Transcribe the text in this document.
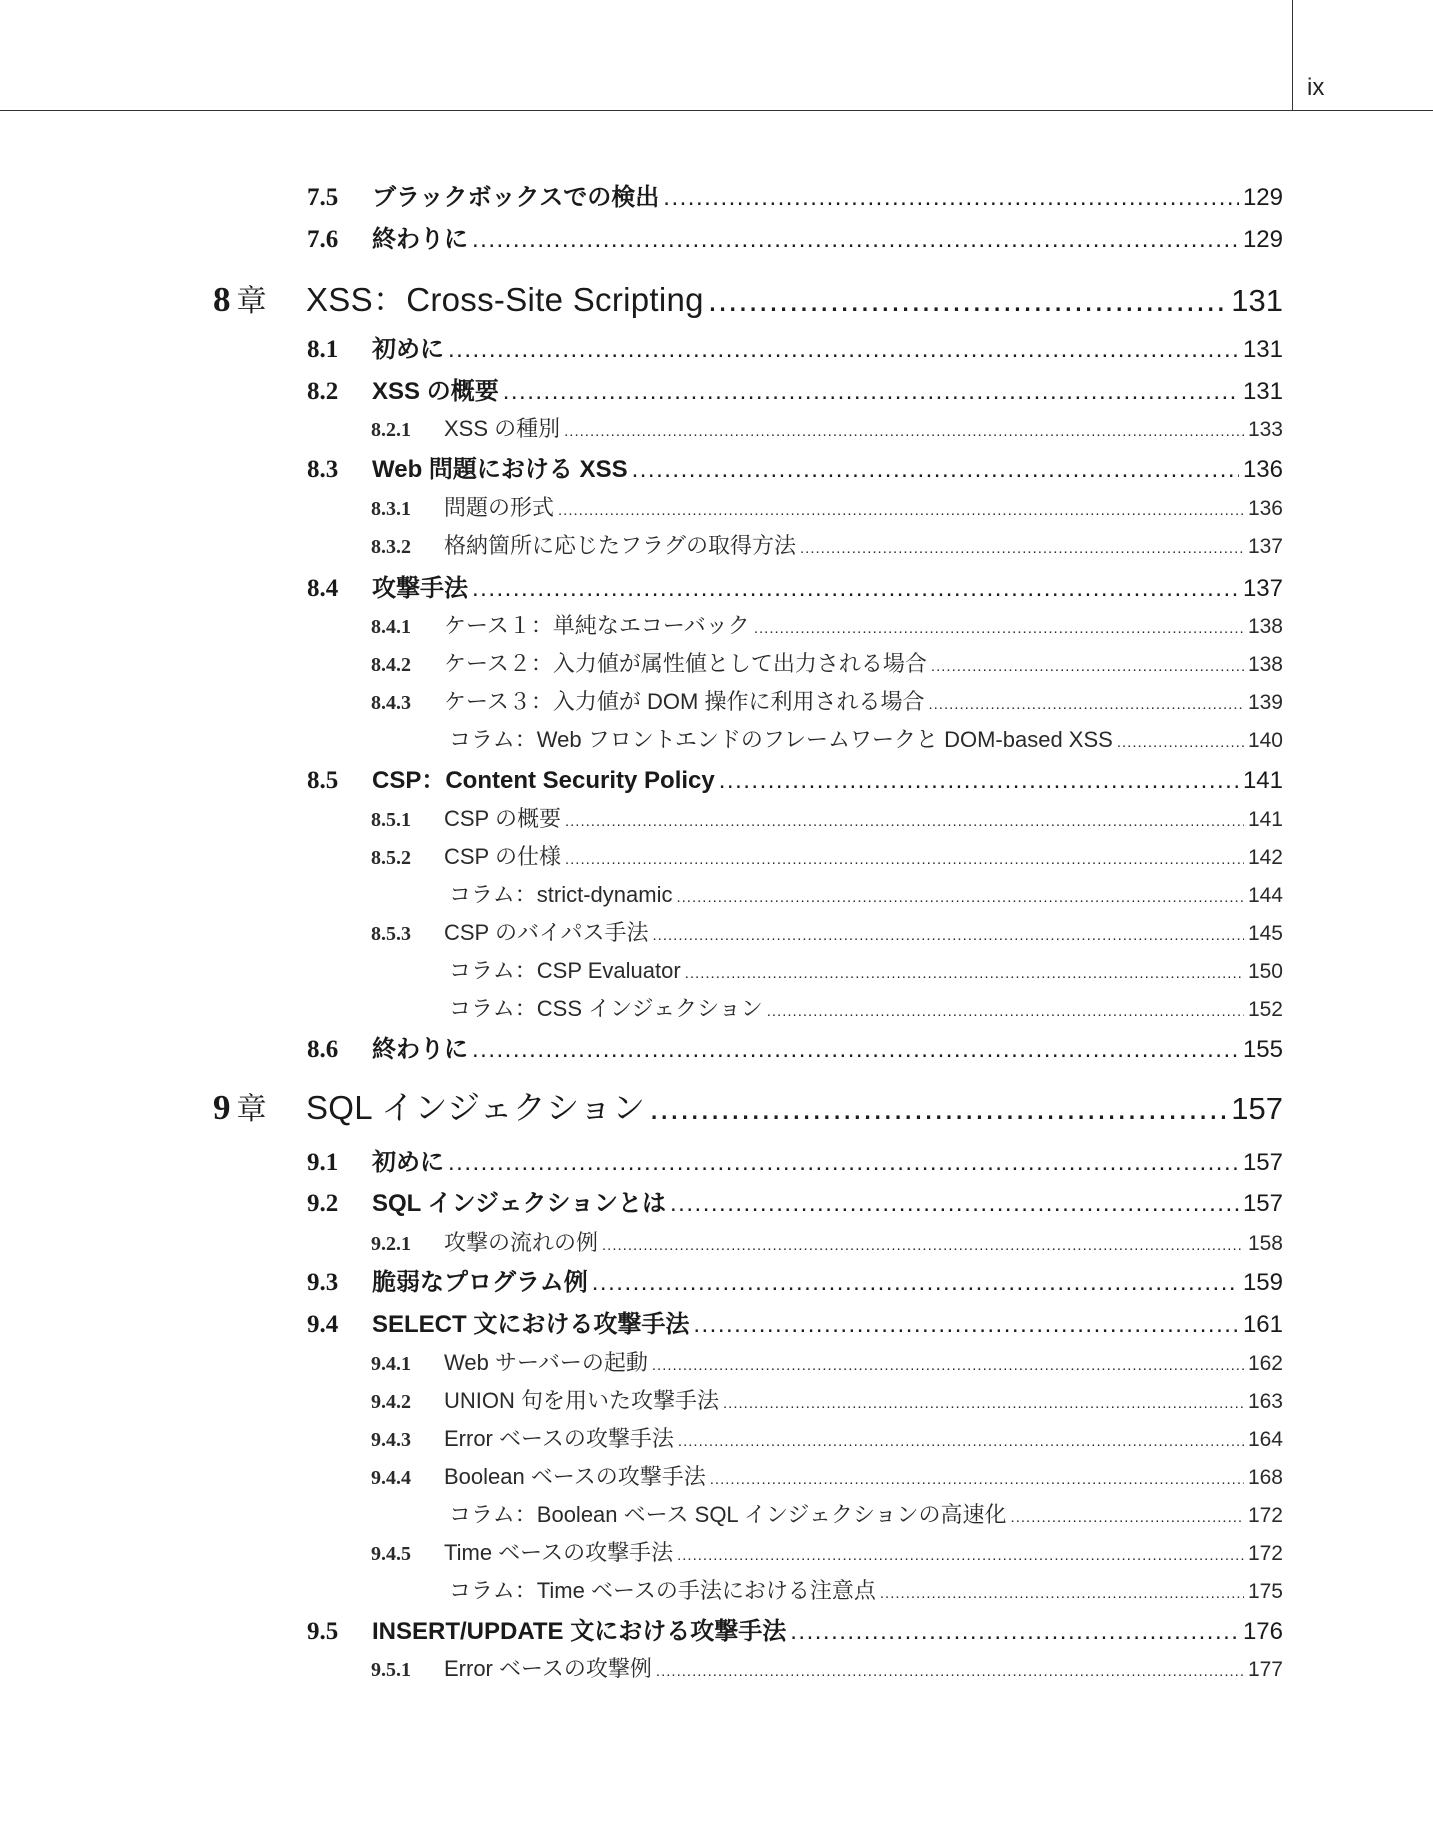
ix
7.5	ブラックボックスでの検出 .....	129
7.6	終わりに .....	129
8 章	XSS：Cross-Site Scripting .....	131
8.1	初めに .....	131
8.2	XSS の概要 .....	131
8.2.1	XSS の種別 .....	133
8.3	Web 問題における XSS .....	136
8.3.1	問題の形式 .....	136
8.3.2	格納箇所に応じたフラグの取得方法 .....	137
8.4	攻撃手法 .....	137
8.4.1	ケース１：単純なエコーバック .....	138
8.4.2	ケース２：入力値が属性値として出力される場合 .....	138
8.4.3	ケース３：入力値が DOM 操作に利用される場合 .....	139
コラム：Web フロントエンドのフレームワークと DOM-based XSS .....	140
8.5	CSP：Content Security Policy .....	141
8.5.1	CSP の概要 .....	141
8.5.2	CSP の仕様 .....	142
コラム：strict-dynamic .....	144
8.5.3	CSP のバイパス手法 .....	145
コラム：CSP Evaluator .....	150
コラム：CSS インジェクション .....	152
8.6	終わりに .....	155
9 章	SQL インジェクション .....	157
9.1	初めに .....	157
9.2	SQL インジェクションとは .....	157
9.2.1	攻撃の流れの例 .....	158
9.3	脆弱なプログラム例 .....	159
9.4	SELECT 文における攻撃手法 .....	161
9.4.1	Web サーバーの起動 .....	162
9.4.2	UNION 句を用いた攻撃手法 .....	163
9.4.3	Error ベースの攻撃手法 .....	164
9.4.4	Boolean ベースの攻撃手法 .....	168
コラム：Boolean ベース SQL インジェクションの高速化 .....	172
9.4.5	Time ベースの攻撃手法 .....	172
コラム：Time ベースの手法における注意点 .....	175
9.5	INSERT/UPDATE 文における攻撃手法 .....	176
9.5.1	Error ベースの攻撃例 .....	177
